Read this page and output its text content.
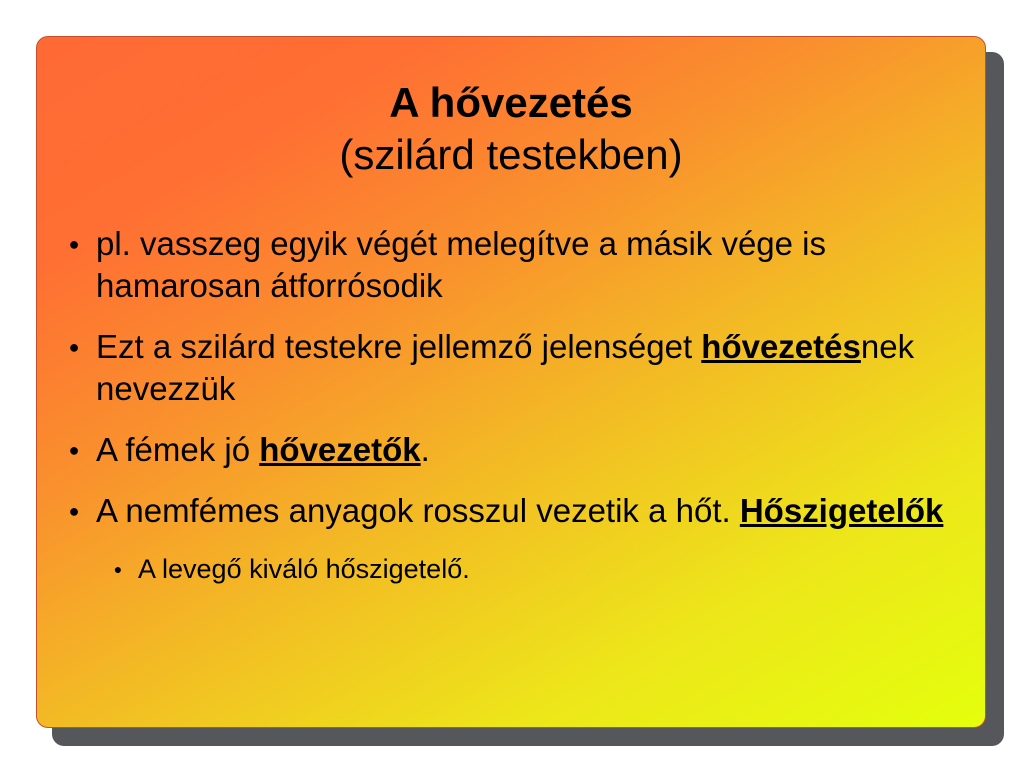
A hővezetés
(szilárd testekben)
● pl. vasszeg egyik végét melegítve a másik vége is hamarosan átforrósodik
● Ezt a szilárd testekre jellemző jelenséget hővezetésnek nevezzük
● A fémek jó hővezetők.
● A nemfémes anyagok rosszul vezetik a hőt. Hőszigetelők
● A levegő kiváló hőszigetelő.
